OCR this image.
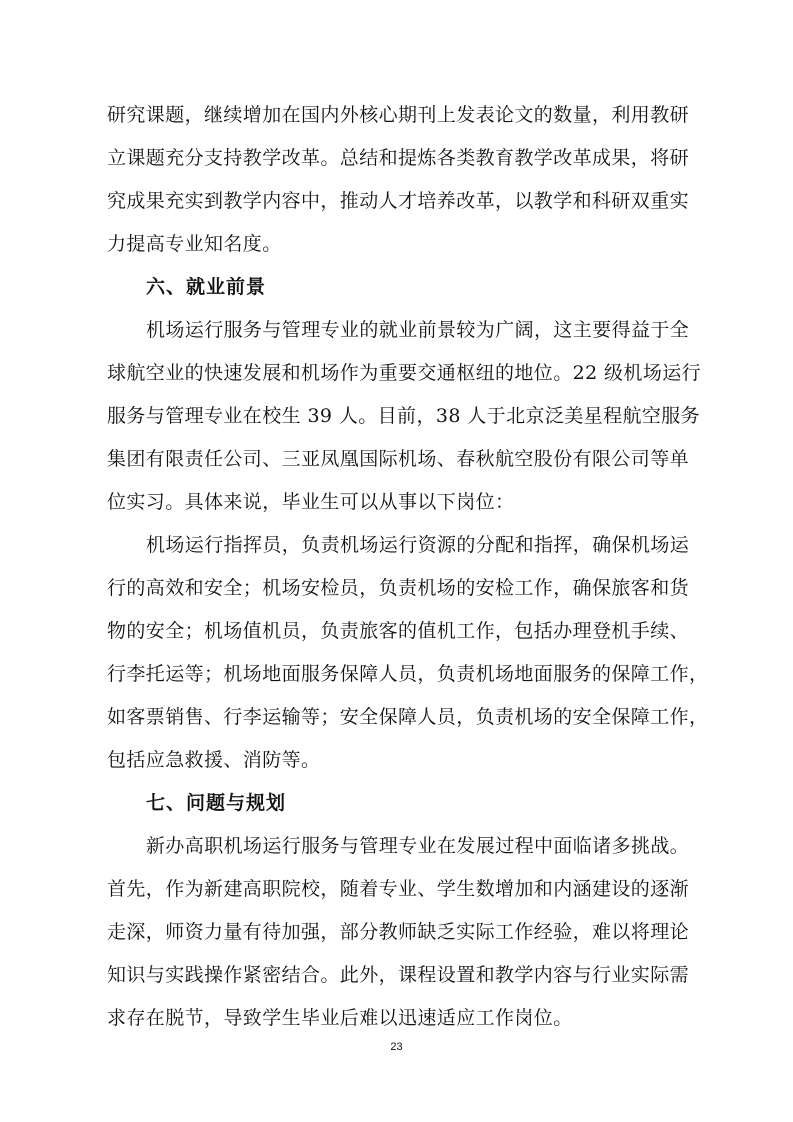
研究课题，继续增加在国内外核心期刊上发表论文的数量，利用教研
立课题充分支持教学改革。总结和提炼各类教育教学改革成果，将研
究成果充实到教学内容中，推动人才培养改革，以教学和科研双重实
力提高专业知名度。
六、就业前景
机场运行服务与管理专业的就业前景较为广阔，这主要得益于全
球航空业的快速发展和机场作为重要交通枢纽的地位。22 级机场运行
服务与管理专业在校生 39 人。目前，38 人于北京泛美星程航空服务
集团有限责任公司、三亚凤凰国际机场、春秋航空股份有限公司等单
位实习。具体来说，毕业生可以从事以下岗位：
机场运行指挥员，负责机场运行资源的分配和指挥，确保机场运
行的高效和安全；机场安检员，负责机场的安检工作，确保旅客和货
物的安全；机场值机员，负责旅客的值机工作，包括办理登机手续、
行李托运等；机场地面服务保障人员，负责机场地面服务的保障工作，
如客票销售、行李运输等；安全保障人员，负责机场的安全保障工作，
包括应急救援、消防等。
七、问题与规划
新办高职机场运行服务与管理专业在发展过程中面临诸多挑战。
首先，作为新建高职院校，随着专业、学生数增加和内涵建设的逐渐
走深，师资力量有待加强，部分教师缺乏实际工作经验，难以将理论
知识与实践操作紧密结合。此外，课程设置和教学内容与行业实际需
求存在脱节，导致学生毕业后难以迅速适应工作岗位。
23
